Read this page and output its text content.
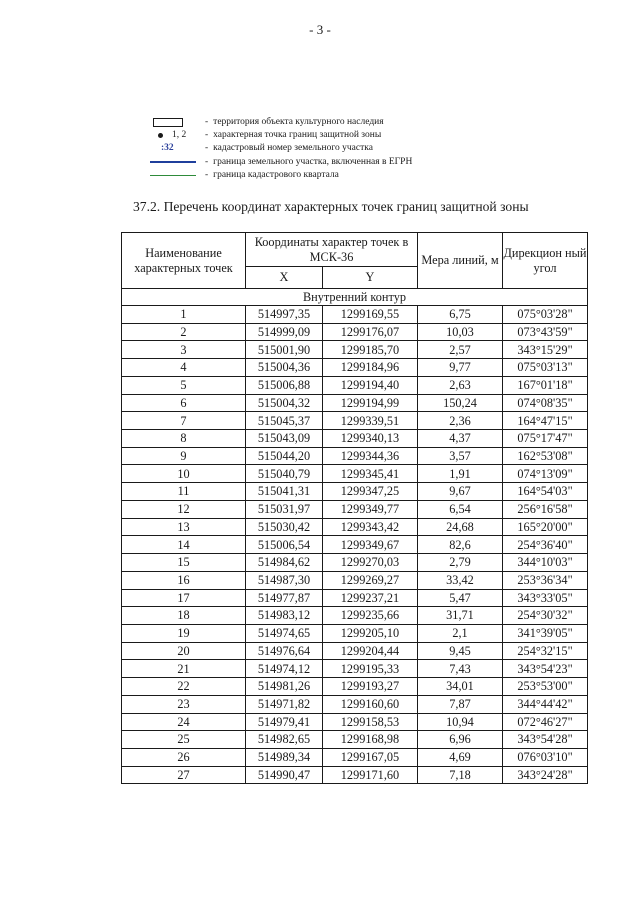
- 3 -
- территория объекта культурного наследия
1, 2 - характерная точка границ защитной зоны
:32	- кадастровый номер земельного участка
- граница земельного участка, включенная в ЕГРН
- граница кадастрового квартала
37.2. Перечень координат характерных точек границ защитной зоны
Наименование характерных точек	Координаты характер точек в МСК-36		Мера линий, м	Дирекцион ный угол
	X	Y		
Внутренний контур				
1	514997,35	1299169,55	6,75	075°03'28"
2	514999,09	1299176,07	10,03	073°43'59"
3	515001,90	1299185,70	2,57	343°15'29"
4	515004,36	1299184,96	9,77	075°03'13"
5	515006,88	1299194,40	2,63	167°01'18"
6	515004,32	1299194,99	150,24	074°08'35"
7	515045,37	1299339,51	2,36	164°47'15"
8	515043,09	1299340,13	4,37	075°17'47"
9	515044,20	1299344,36	3,57	162°53'08"
10	515040,79	1299345,41	1,91	074°13'09"
11	515041,31	1299347,25	9,67	164°54'03"
12	515031,97	1299349,77	6,54	256°16'58"
13	515030,42	1299343,42	24,68	165°20'00"
14	515006,54	1299349,67	82,6	254°36'40"
15	514984,62	1299270,03	2,79	344°10'03"
16	514987,30	1299269,27	33,42	253°36'34"
17	514977,87	1299237,21	5,47	343°33'05"
18	514983,12	1299235,66	31,71	254°30'32"
19	514974,65	1299205,10	2,1	341°39'05"
20	514976,64	1299204,44	9,45	254°32'15"
21	514974,12	1299195,33	7,43	343°54'23"
22	514981,26	1299193,27	34,01	253°53'00"
23	514971,82	1299160,60	7,87	344°44'42"
24	514979,41	1299158,53	10,94	072°46'27"
25	514982,65	1299168,98	6,96	343°54'28"
26	514989,34	1299167,05	4,69	076°03'10"
27	514990,47	1299171,60	7,18	343°24'28"
